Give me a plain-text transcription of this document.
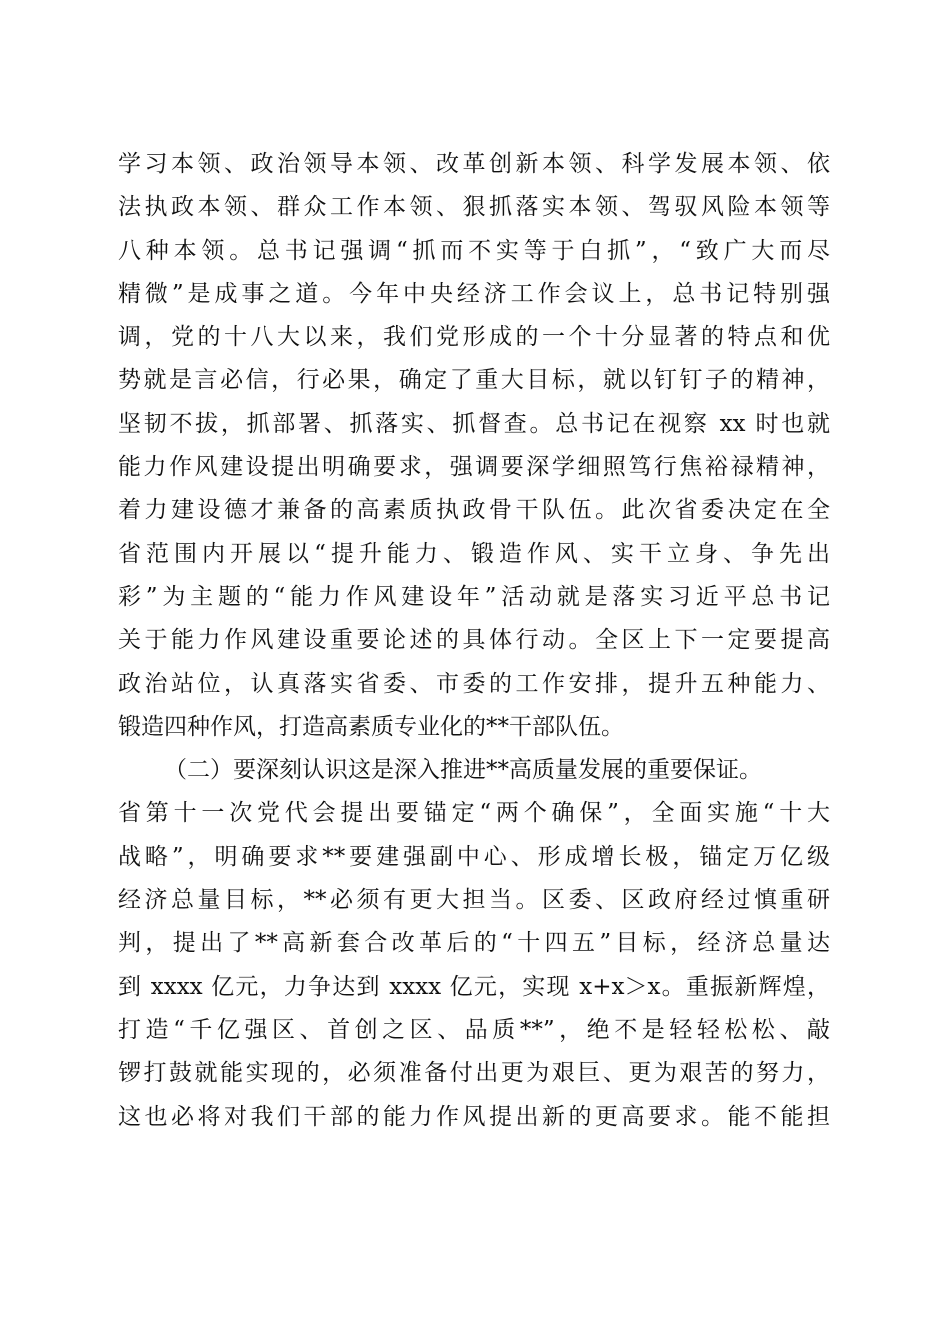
学习本领、政治领导本领、改革创新本领、科学发展本领、依
法执政本领、群众工作本领、狠抓落实本领、驾驭风险本领等
八种本领。总书记强调“抓而不实等于白抓”，“致广大而尽
精微”是成事之道。今年中央经济工作会议上，总书记特别强
调，党的十八大以来，我们党形成的一个十分显著的特点和优
势就是言必信，行必果，确定了重大目标，就以钉钉子的精神，
坚韧不拔，抓部署、抓落实、抓督查。总书记在视察 xx 时也就
能力作风建设提出明确要求，强调要深学细照笃行焦裕禄精神，
着力建设德才兼备的高素质执政骨干队伍。此次省委决定在全
省范围内开展以“提升能力、锻造作风、实干立身、争先出
彩”为主题的“能力作风建设年”活动就是落实习近平总书记
关于能力作风建设重要论述的具体行动。全区上下一定要提高
政治站位，认真落实省委、市委的工作安排，提升五种能力、
锻造四种作风，打造高素质专业化的**干部队伍。
（二）要深刻认识这是深入推进**高质量发展的重要保证。
省第十一次党代会提出要锚定“两个确保”，全面实施“十大
战略”，明确要求**要建强副中心、形成增长极，锚定万亿级
经济总量目标，**必须有更大担当。区委、区政府经过慎重研
判，提出了**高新套合改革后的“十四五”目标，经济总量达
到 xxxx 亿元，力争达到 xxxx 亿元，实现 x+x＞x。重振新辉煌，
打造“千亿强区、首创之区、品质**”，绝不是轻轻松松、敲
锣打鼓就能实现的，必须准备付出更为艰巨、更为艰苦的努力，
这也必将对我们干部的能力作风提出新的更高要求。能不能担
